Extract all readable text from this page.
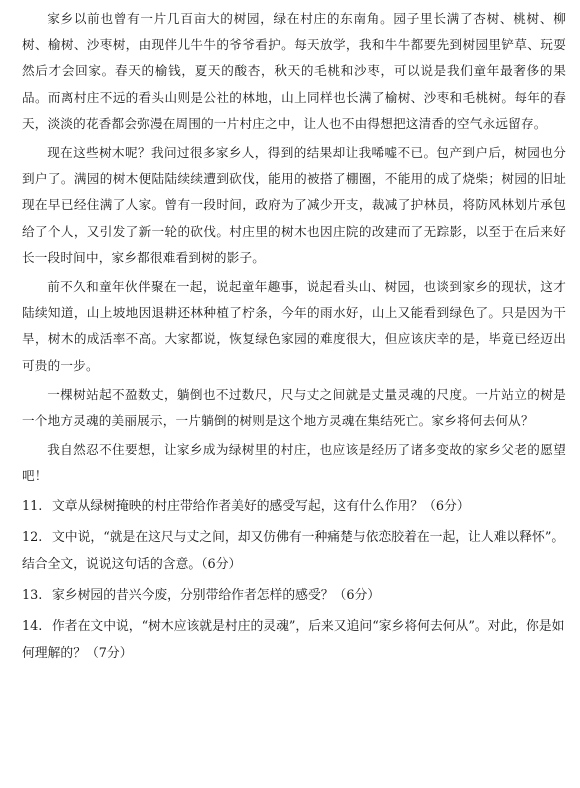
家乡以前也曾有一片几百亩大的树园，绿在村庄的东南角。园子里长满了杏树、桃树、柳树、榆树、沙枣树，由现伴儿牛牛的爷爷看护。每天放学，我和牛牛都要先到树园里铲草、玩耍然后才会回家。春天的榆钱，夏天的酸杏，秋天的毛桃和沙枣，可以说是我们童年最奢侈的果品。而离村庄不远的看头山则是公社的林地，山上同样也长满了榆树、沙枣和毛桃树。每年的春天，淡淡的花香都会弥漫在周围的一片村庄之中，让人也不由得想把这清香的空气永远留存。

现在这些树木呢？我问过很多家乡人，得到的结果却让我唏嘘不已。包产到户后，树园也分到户了。满园的树木便陆陆续续遭到砍伐，能用的被搭了棚圈，不能用的成了烧柴；树园的旧址现在早已经住满了人家。曾有一段时间，政府为了减少开支，裁减了护林员，将防风林划片承包给了个人，又引发了新一轮的砍伐。村庄里的树木也因庄院的改建而了无踪影，以至于在后来好长一段时间中，家乡都很难看到树的影子。

前不久和童年伙伴聚在一起，说起童年趣事，说起看头山、树园，也谈到家乡的现状，这才陆续知道，山上坡地因退耕还林种植了柠条，今年的雨水好，山上又能看到绿色了。只是因为干旱，树木的成活率不高。大家都说，恢复绿色家园的难度很大，但应该庆幸的是，毕竟已经迈出可贵的一步。

一棵树站起不盈数丈，躺倒也不过数尺，尺与丈之间就是丈量灵魂的尺度。一片站立的树是一个地方灵魂的美丽展示，一片躺倒的树则是这个地方灵魂在集结死亡。家乡将何去何从？

我自然忍不住要想，让家乡成为绿树里的村庄，也应该是经历了诸多变故的家乡父老的愿望吧！

11. 文章从绿树掩映的村庄带给作者美好的感受写起，这有什么作用？（6分）
12. 文中说，“就是在这尺与丈之间，却又仿佛有一种痛楚与依恋胶着在一起，让人难以释怀”。结合全文，说说这句话的含意。（6分）
13. 家乡树园的昔兴今废，分别带给作者怎样的感受？（6分）
14. 作者在文中说，“树木应该就是村庄的灵魂”，后来又追问“家乡将何去何从”。对此，你是如何理解的？（7分）
